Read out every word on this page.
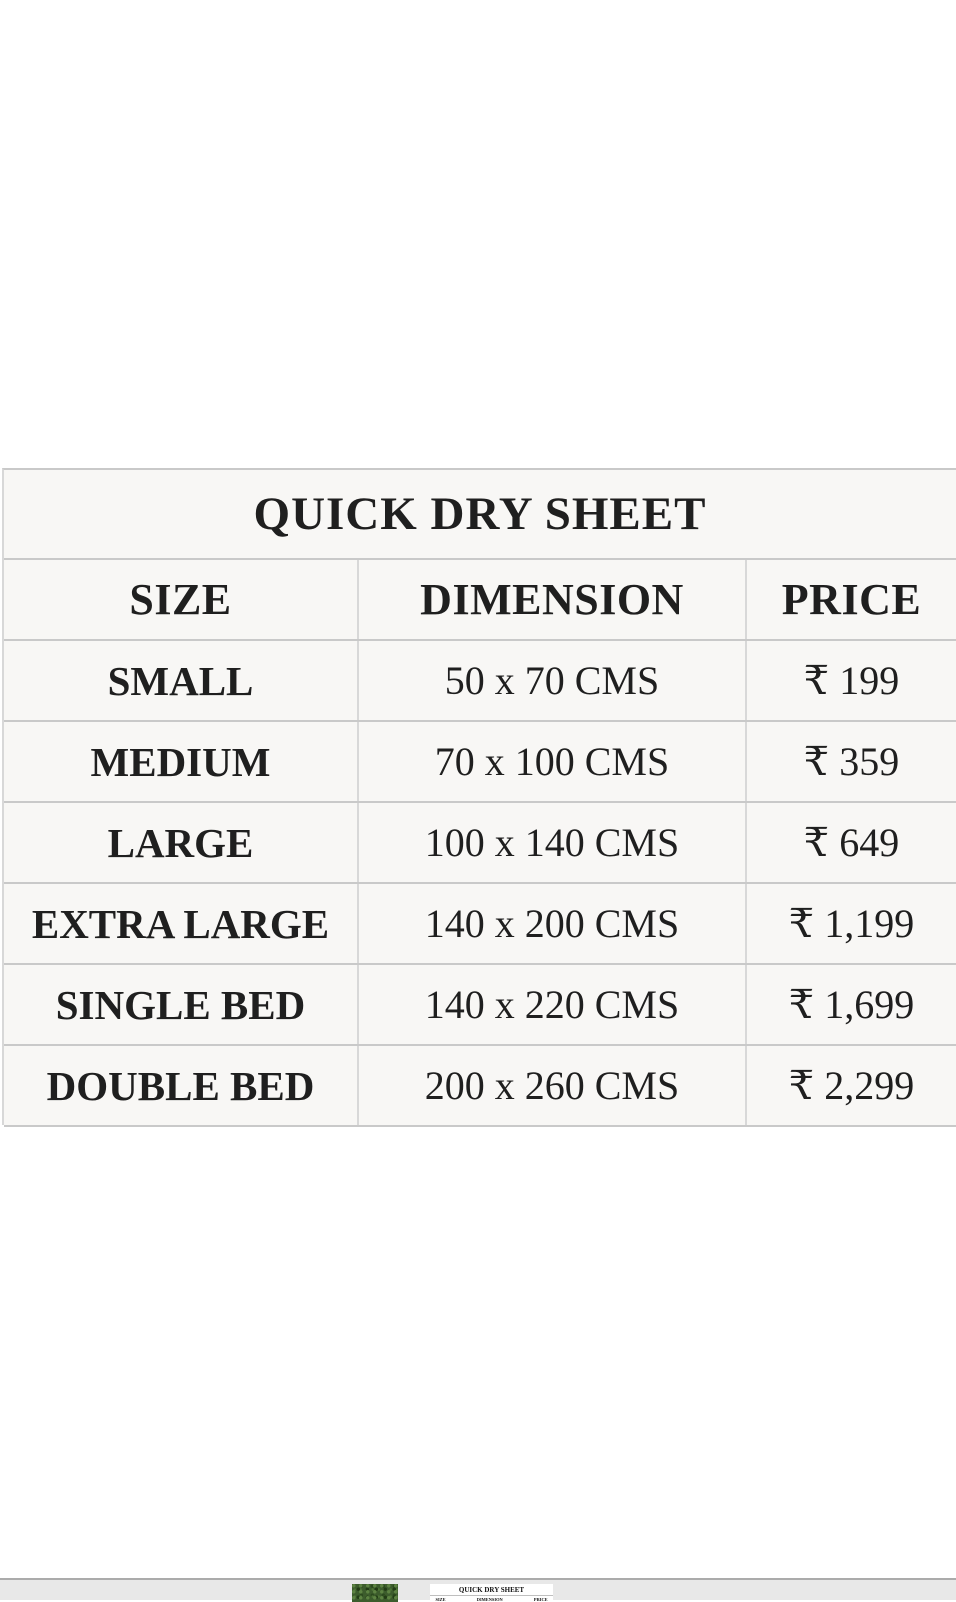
QUICK DRY SHEET
SIZE	DIMENSION	PRICE
SMALL	50 x 70 CMS	₹ 199
MEDIUM	70 x 100 CMS	₹ 359
LARGE	100 x 140 CMS	₹ 649
EXTRA LARGE	140 x 200 CMS	₹ 1,199
SINGLE BED	140 x 220 CMS	₹ 1,699
DOUBLE BED	200 x 260 CMS	₹ 2,299
QUICK DRY SHEET
SIZE	DIMENSION	PRICE
